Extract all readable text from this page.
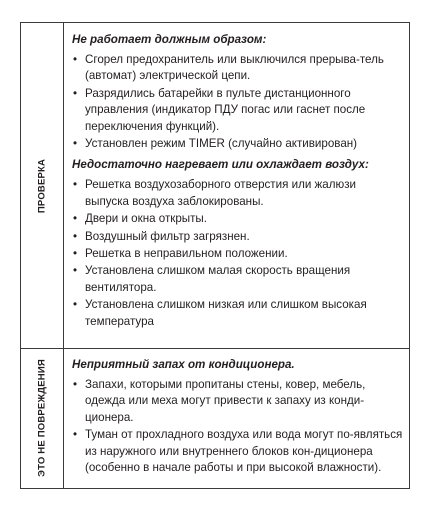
ПРОВЕРКА
Не работает должным образом:
• Сгорел предохранитель или выключился прерыва-тель (автомат) электрической цепи.
• Разрядились батарейки в пульте дистанционного управления (индикатор ПДУ погас или гаснет после переключения функций).
• Установлен режим TIMER (случайно активирован)
Недостаточно нагревает или охлаждает воздух:
• Решетка воздухозаборного отверстия или жалюзи выпуска воздуха заблокированы.
• Двери и окна открыты.
• Воздушный фильтр загрязнен.
• Решетка в неправильном положении.
• Установлена слишком малая скорость вращения вентилятора.
• Установлена слишком низкая или слишком высокая температура
ЭТО НЕ ПОВРЕЖДЕНИЯ Неприятный запах от кондиционера.
• Запахи, которыми пропитаны стены, ковер, мебель, одежда или меха могут привести к запаху из конди-ционера.
• Туман от прохладного воздуха или вода могут по-являться из наружного или внутреннего блоков кон-диционера (особенно в начале работы и при высокой влажности).
